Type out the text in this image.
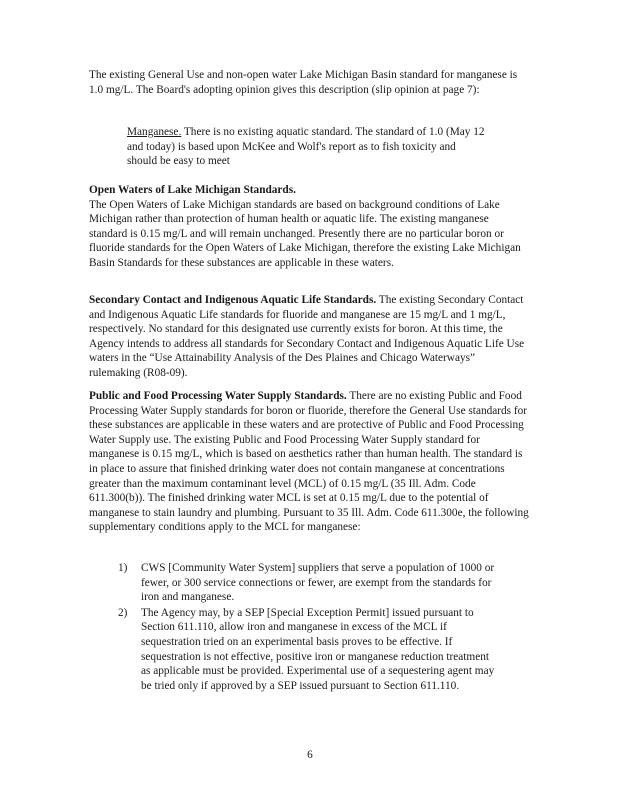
The existing General Use and non-open water Lake Michigan Basin standard for manganese is 1.0 mg/L. The Board's adopting opinion gives this description (slip opinion at page 7):

Manganese. There is no existing aquatic standard. The standard of 1.0 (May 12 and today) is based upon McKee and Wolf's report as to fish toxicity and should be easy to meet

Open Waters of Lake Michigan Standards.
The Open Waters of Lake Michigan standards are based on background conditions of Lake Michigan rather than protection of human health or aquatic life. The existing manganese standard is 0.15 mg/L and will remain unchanged. Presently there are no particular boron or fluoride standards for the Open Waters of Lake Michigan, therefore the existing Lake Michigan Basin Standards for these substances are applicable in these waters.

Secondary Contact and Indigenous Aquatic Life Standards. The existing Secondary Contact and Indigenous Aquatic Life standards for fluoride and manganese are 15 mg/L and 1 mg/L, respectively. No standard for this designated use currently exists for boron. At this time, the Agency intends to address all standards for Secondary Contact and Indigenous Aquatic Life Use waters in the “Use Attainability Analysis of the Des Plaines and Chicago Waterways” rulemaking (R08-09).

Public and Food Processing Water Supply Standards. There are no existing Public and Food Processing Water Supply standards for boron or fluoride, therefore the General Use standards for these substances are applicable in these waters and are protective of Public and Food Processing Water Supply use. The existing Public and Food Processing Water Supply standard for manganese is 0.15 mg/L, which is based on aesthetics rather than human health. The standard is in place to assure that finished drinking water does not contain manganese at concentrations greater than the maximum contaminant level (MCL) of 0.15 mg/L (35 Ill. Adm. Code 611.300(b)). The finished drinking water MCL is set at 0.15 mg/L due to the potential of manganese to stain laundry and plumbing. Pursuant to 35 Ill. Adm. Code 611.300e, the following supplementary conditions apply to the MCL for manganese:

1) CWS [Community Water System] suppliers that serve a population of 1000 or fewer, or 300 service connections or fewer, are exempt from the standards for iron and manganese.
2) The Agency may, by a SEP [Special Exception Permit] issued pursuant to Section 611.110, allow iron and manganese in excess of the MCL if sequestration tried on an experimental basis proves to be effective. If sequestration is not effective, positive iron or manganese reduction treatment as applicable must be provided. Experimental use of a sequestering agent may be tried only if approved by a SEP issued pursuant to Section 611.110.
6
